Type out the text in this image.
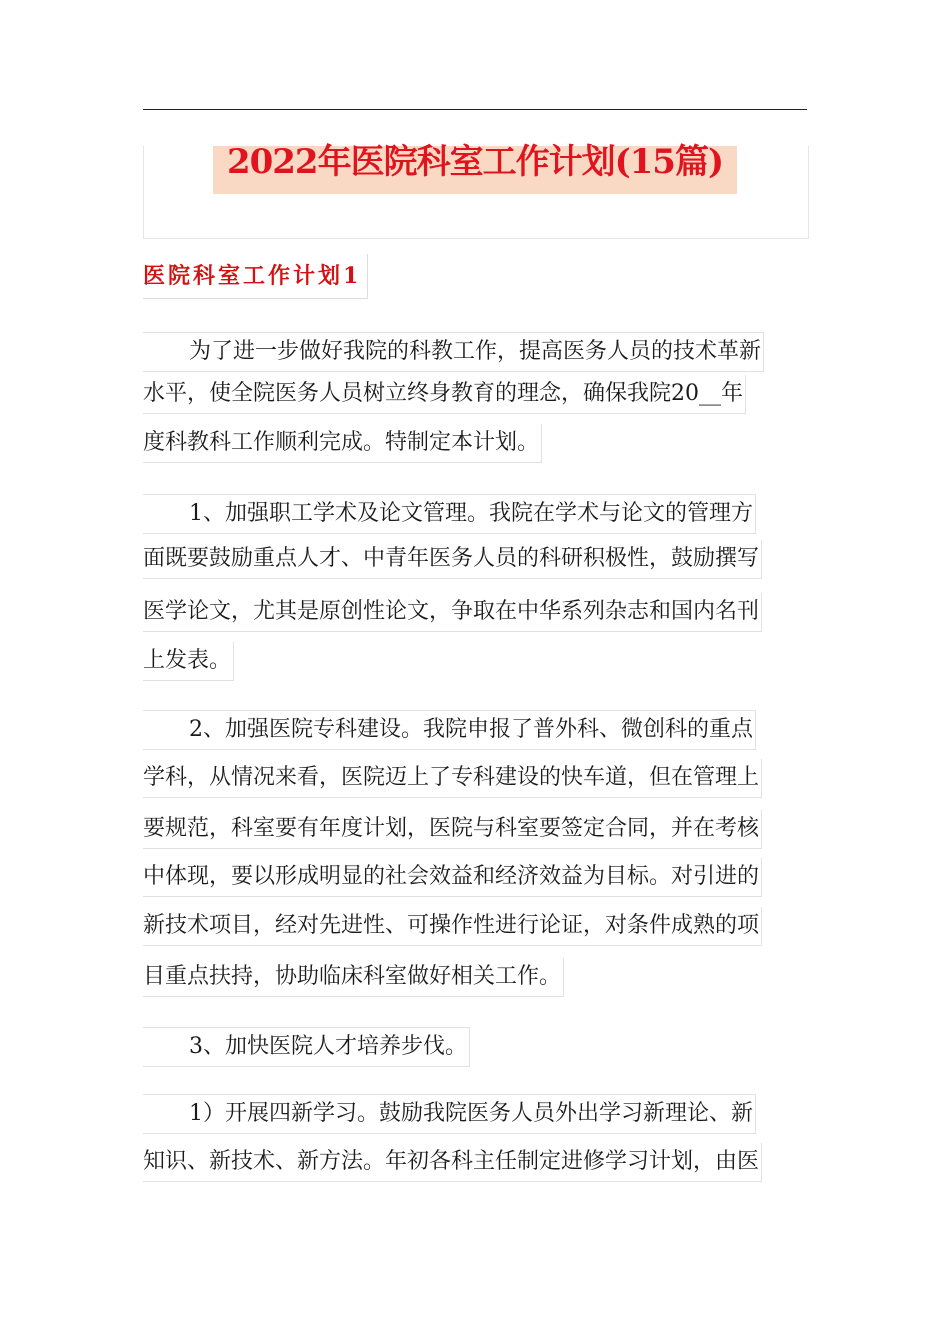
2022年医院科室工作计划(15篇)
医院科室工作计划1
为了进一步做好我院的科教工作，提高医务人员的技术革新
水平，使全院医务人员树立终身教育的理念，确保我院20__年
度科教科工作顺利完成。特制定本计划。
1、加强职工学术及论文管理。我院在学术与论文的管理方
面既要鼓励重点人才、中青年医务人员的科研积极性，鼓励撰写
医学论文，尤其是原创性论文，争取在中华系列杂志和国内名刊
上发表。
2、加强医院专科建设。我院申报了普外科、微创科的重点
学科，从情况来看，医院迈上了专科建设的快车道，但在管理上
要规范，科室要有年度计划，医院与科室要签定合同，并在考核
中体现，要以形成明显的社会效益和经济效益为目标。对引进的
新技术项目，经对先进性、可操作性进行论证，对条件成熟的项
目重点扶持，协助临床科室做好相关工作。
3、加快医院人才培养步伐。
1）开展四新学习。鼓励我院医务人员外出学习新理论、新
知识、新技术、新方法。年初各科主任制定进修学习计划，由医
